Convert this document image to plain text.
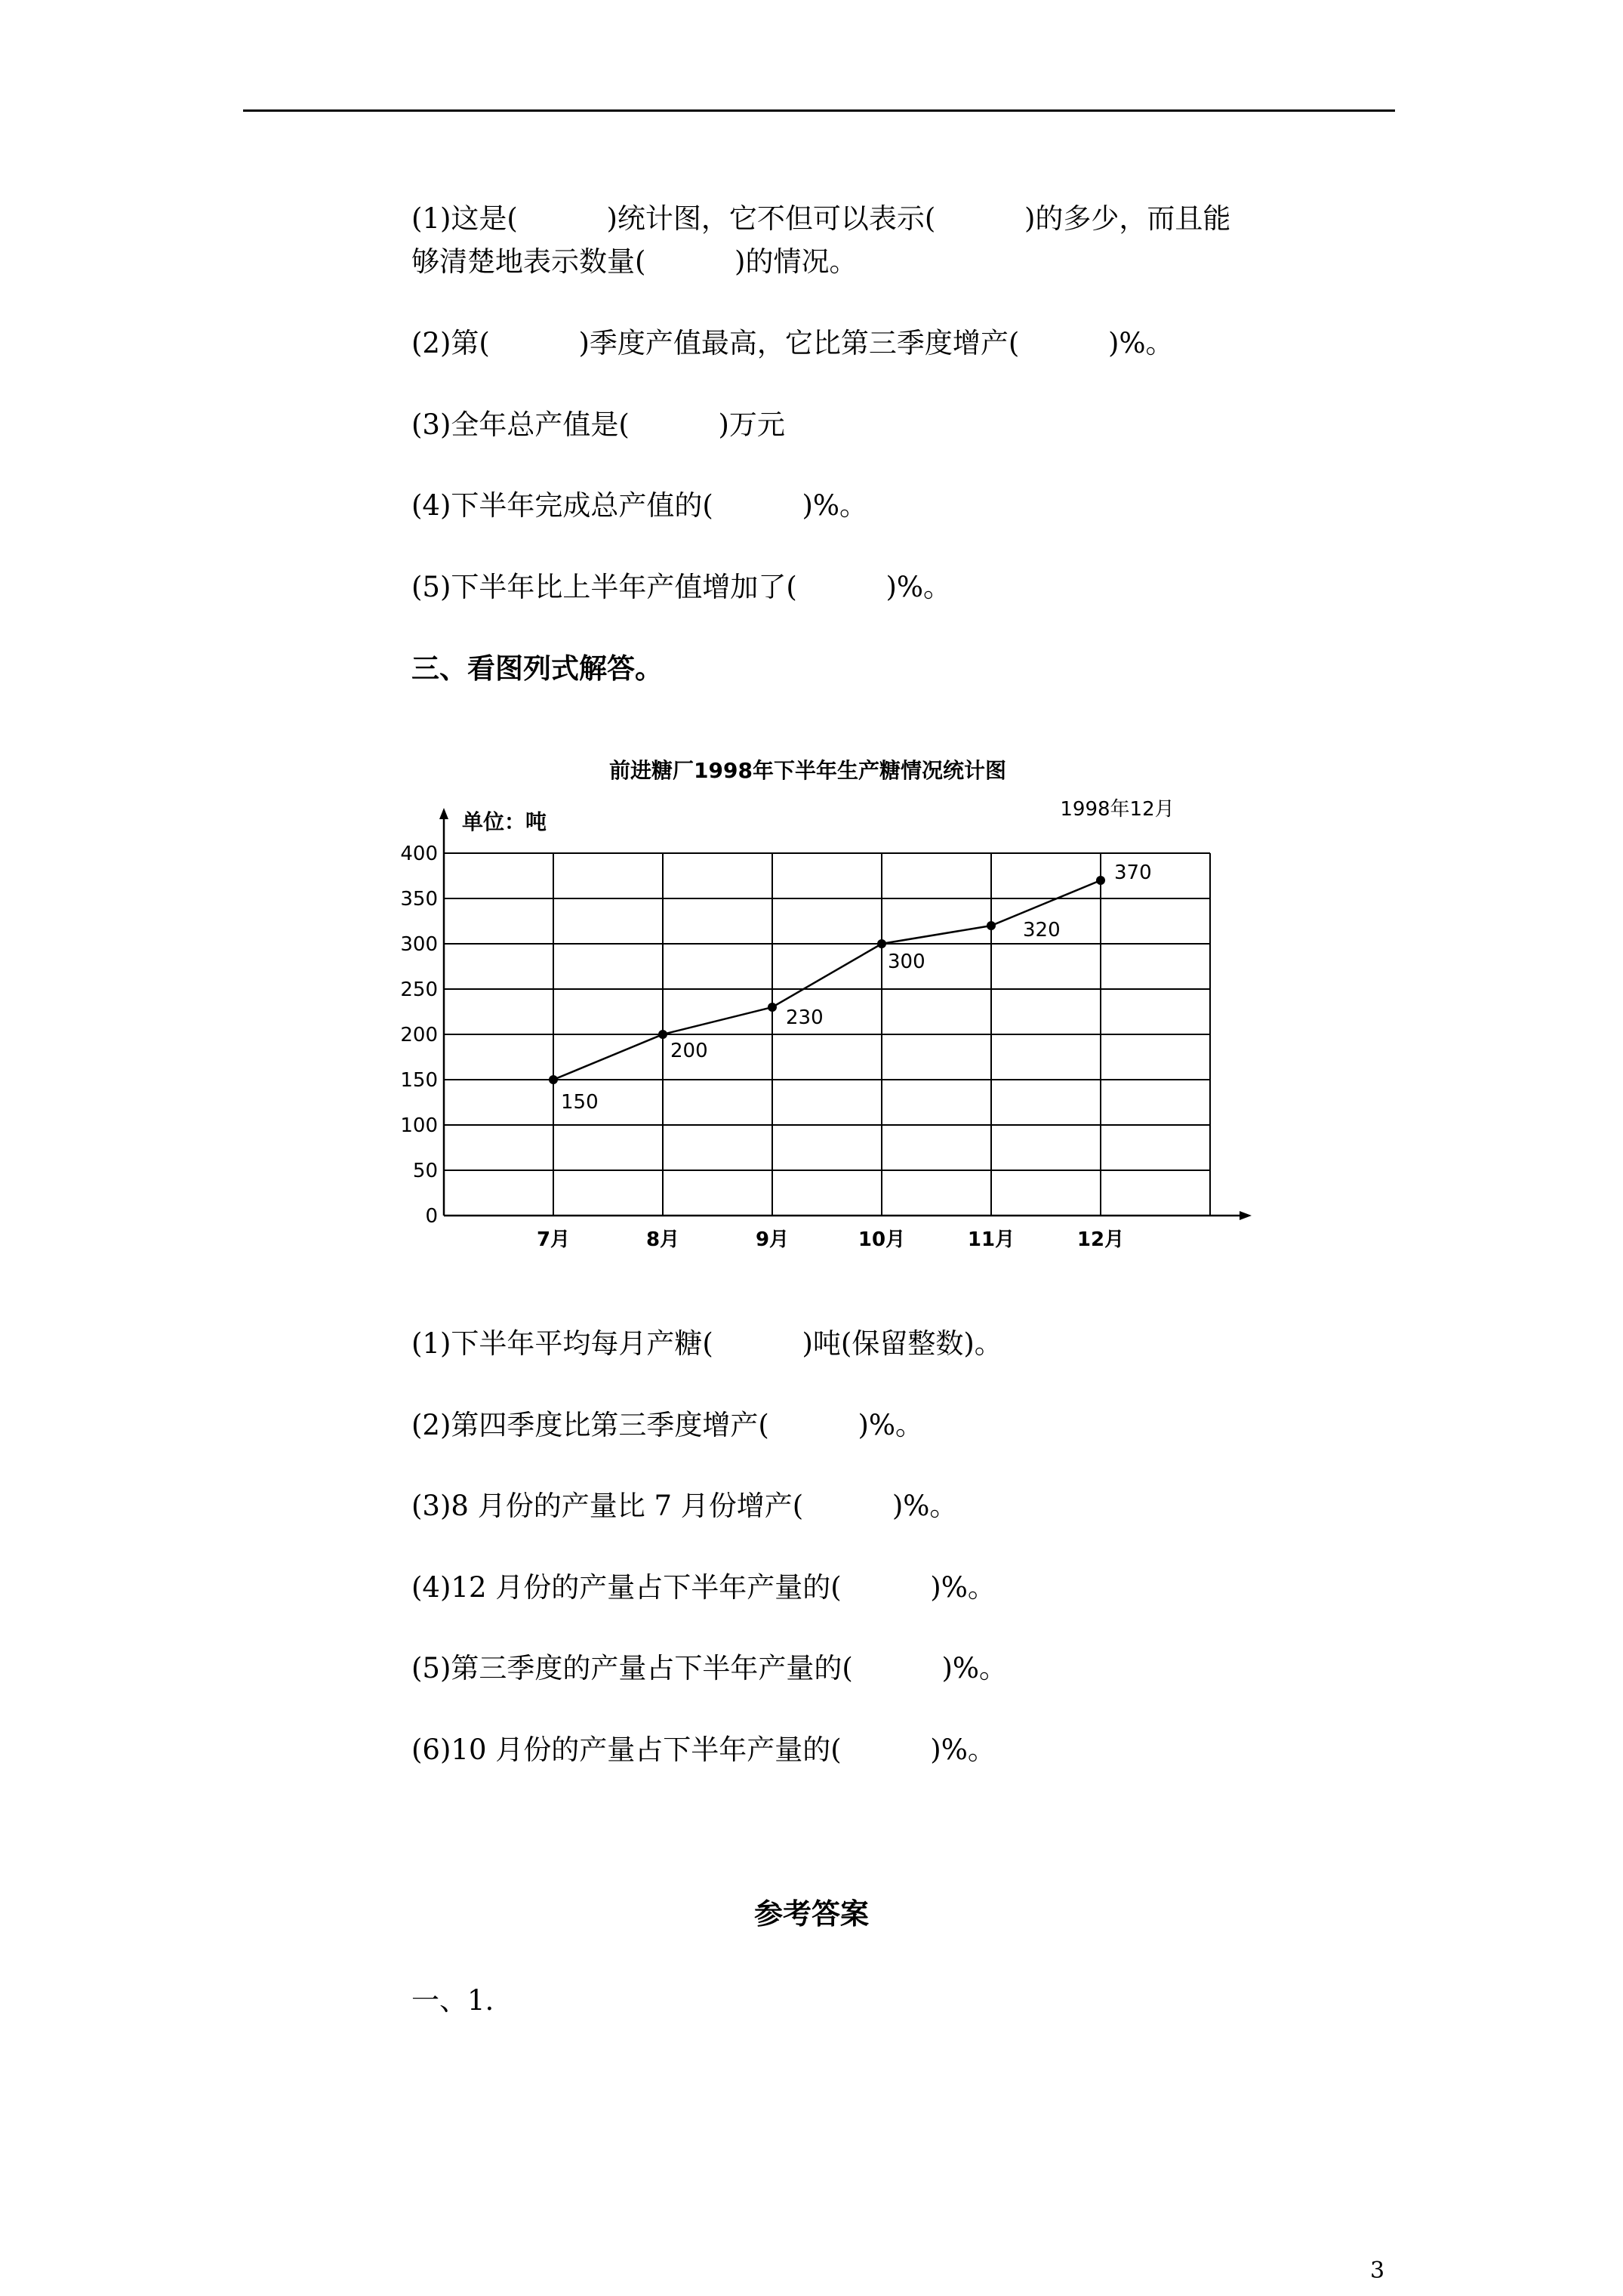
(1)这是(          )统计图，它不但可以表示(          )的多少，而且能
够清楚地表示数量(          )的情况。
(2)第(          )季度产值最高，它比第三季度增产(          )%。
(3)全年总产值是(          )万元
(4)下半年完成总产值的(          )%。
(5)下半年比上半年产值增加了(          )%。
三、看图列式解答。
前进糖厂1998年下半年生产糖情况统计图
单位：吨	1998年12月
0
50
100
150
200
250
300
350
400
7月	8月	9月	10月	11月	12月
150
200
230
300
320
370
(1)下半年平均每月产糖(          )吨(保留整数)。
(2)第四季度比第三季度增产(          )%。
(3)8 月份的产量比 7 月份增产(          )%。
(4)12 月份的产量占下半年产量的(          )%。
(5)第三季度的产量占下半年产量的(          )%。
(6)10 月份的产量占下半年产量的(          )%。
参考答案
一、1.
3
